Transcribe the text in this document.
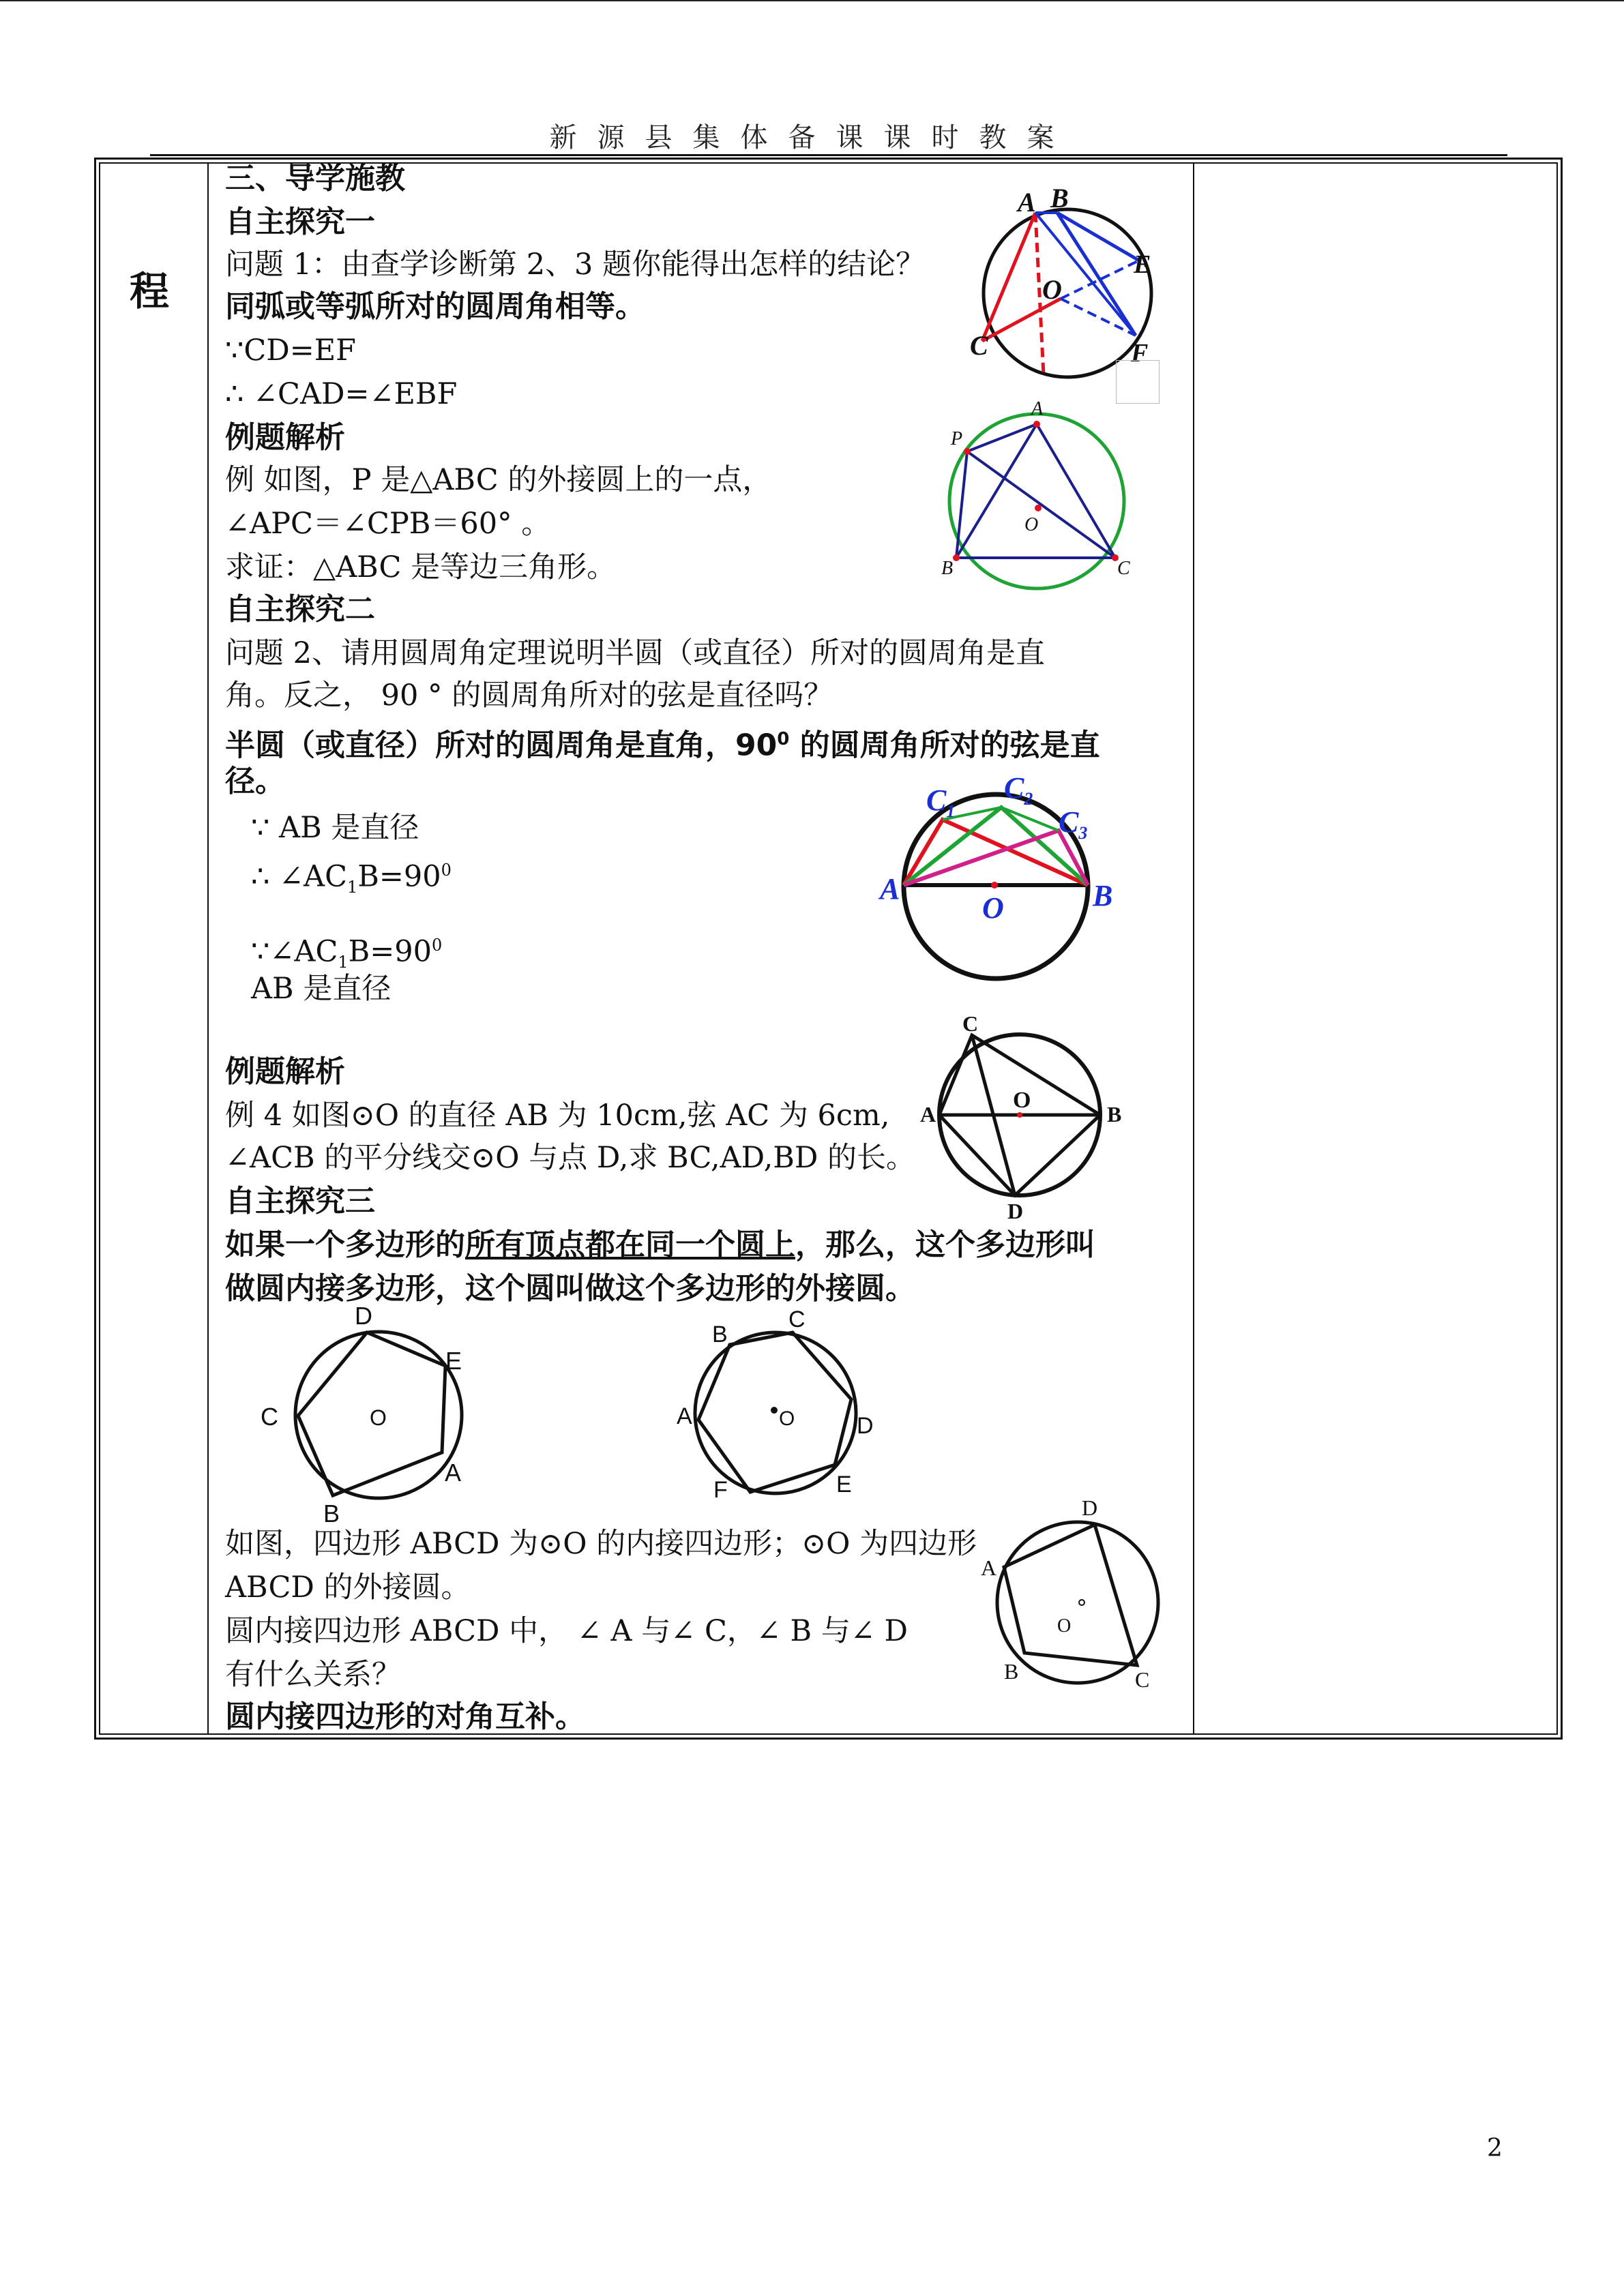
新源县集体备课课时教案
程
三、导学施教
自主探究一
问题 1：由查学诊断第 2、3 题你能得出怎样的结论？
同弧或等弧所对的圆周角相等。
∵CD=EF
∴ ∠CAD=∠EBF
例题解析
例 如图，P 是△ABC 的外接圆上的一点，
∠APC＝∠CPB＝60° 。
求证：△ABC 是等边三角形。
自主探究二
问题 2、请用圆周角定理说明半圆（或直径）所对的圆周角是直
角。反之， 90 ° 的圆周角所对的弦是直径吗？
半圆（或直径）所对的圆周角是直角，$90^0$ 的圆周角所对的弦是直
径。
∵ AB 是直径
∴ $\angle AC_1B=90^0$
$\because\angle AC_1B=90^0$
AB 是直径
例题解析
例 4 如图⊙O 的直径 AB 为 10cm,弦 AC 为 6cm,
∠ACB 的平分线交⊙O 与点 D,求 BC,AD,BD 的长。
自主探究三
如果一个多边形的所有顶点都在同一个圆上，那么，这个多边形叫
做圆内接多边形，这个圆叫做这个多边形的外接圆。
如图，四边形 ABCD 为⊙O 的内接四边形；⊙O 为四边形
ABCD 的外接圆。
圆内接四边形 ABCD 中， ∠ A 与∠ C，∠ B 与∠ D
有什么关系？
圆内接四边形的对角互补。
A B
C
O
E
F
A
P
B	C
O
$C_1$
$C_2$
$C_3$
A	B
O
A	B
C
D
O
D
E
A
B
C	O
B
C
D
E
F
A	O
D
A
B	C
O
2
